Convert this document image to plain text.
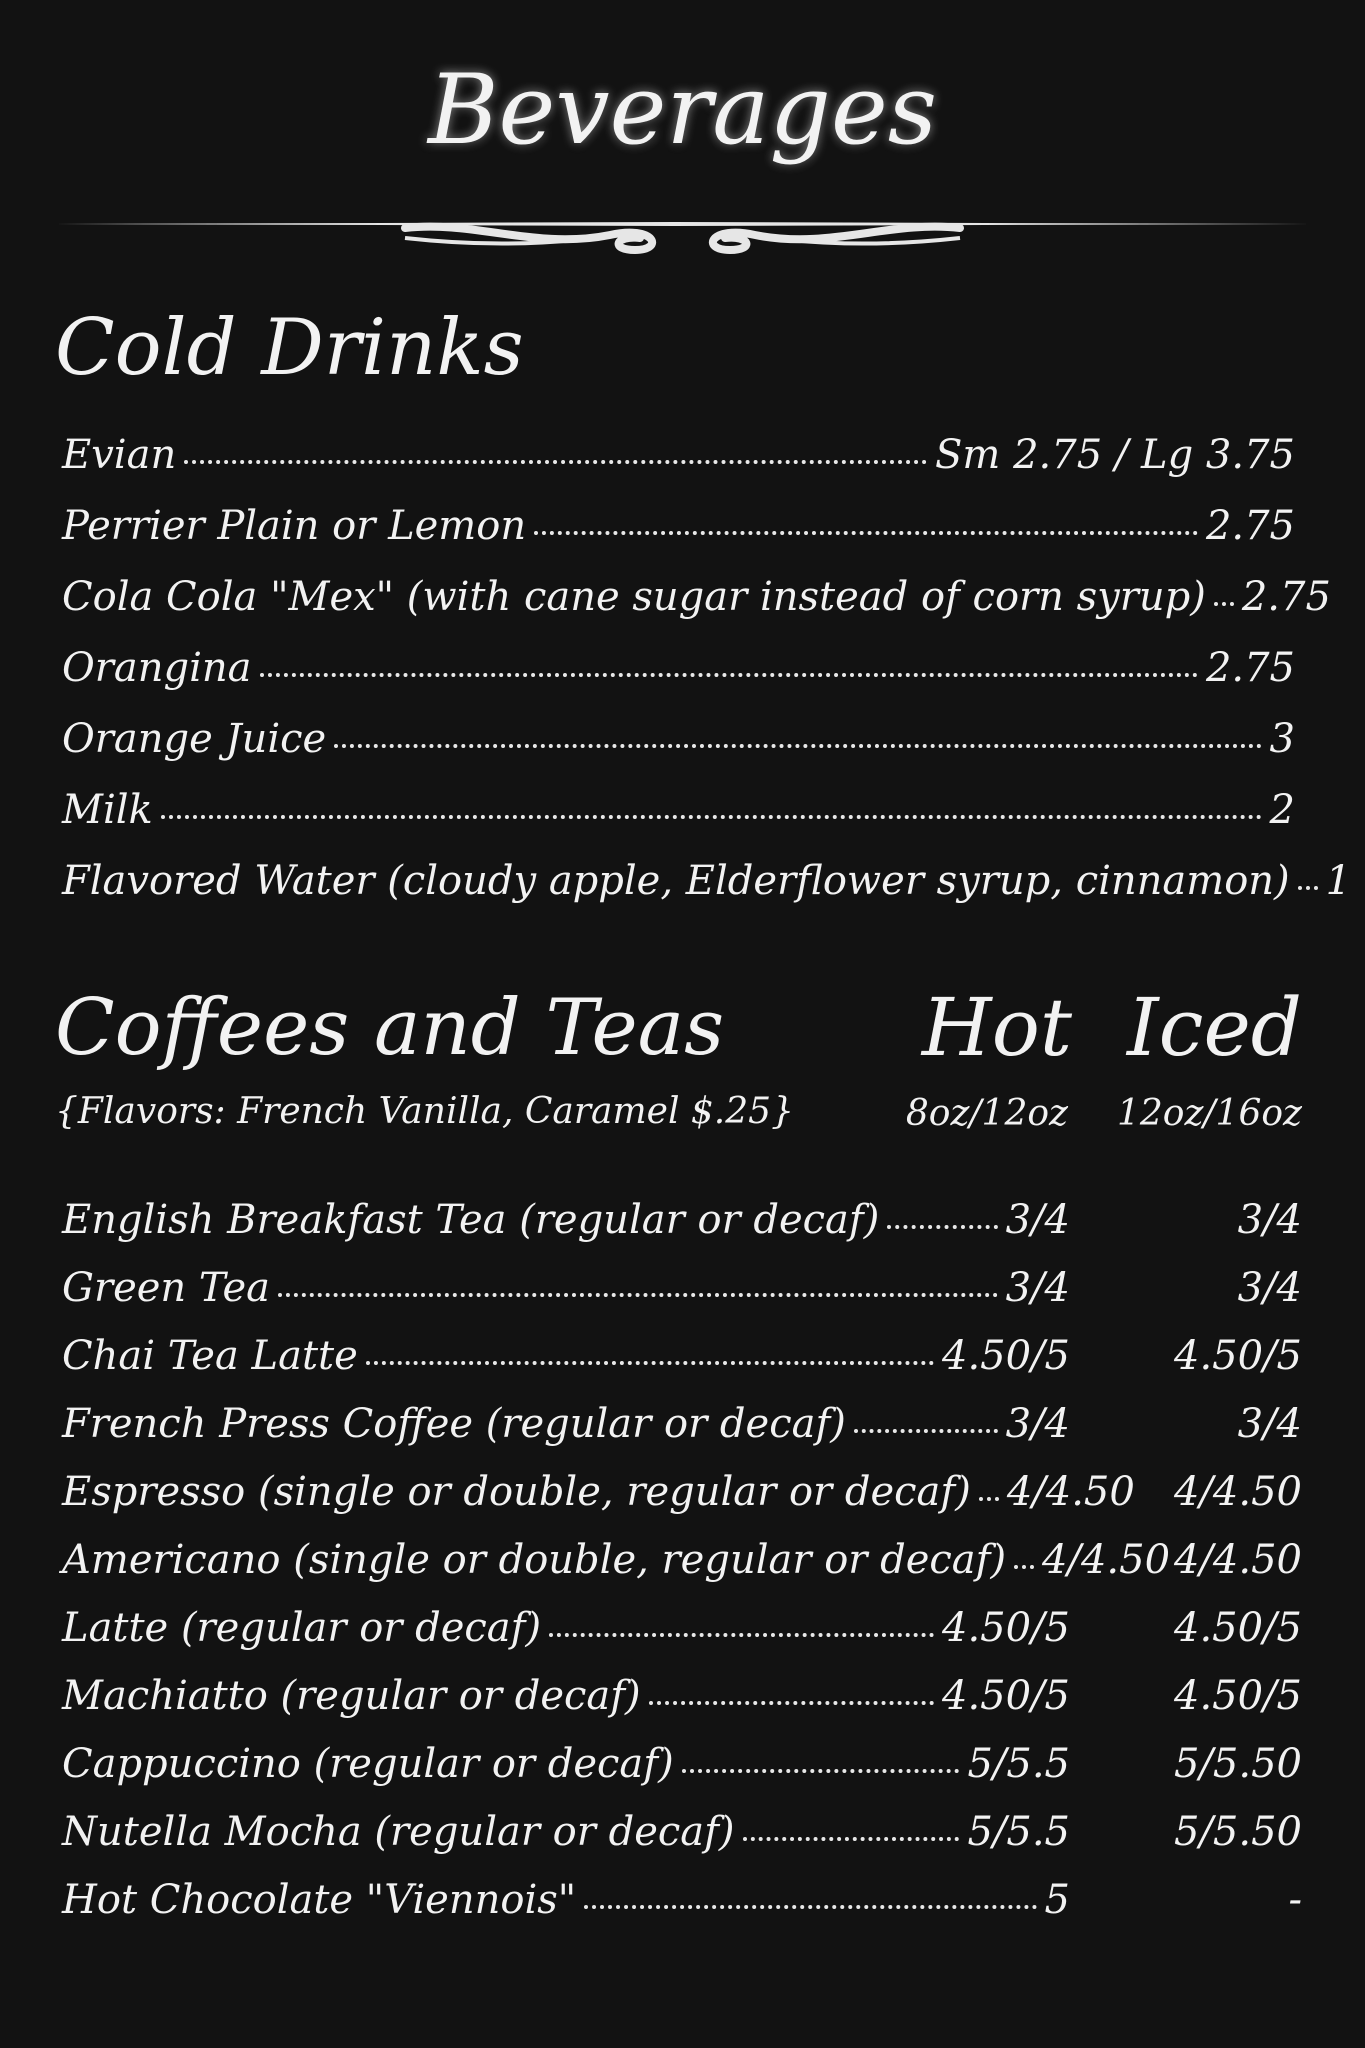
Beverages
Cold Drinks
Evian	Sm 2.75 / Lg 3.75
Perrier Plain or Lemon	2.75
Cola Cola "Mex" (with cane sugar instead of corn syrup) 2.75
Orangina	2.75
Orange Juice	3
Milk	2
Flavored Water (cloudy apple, Elderflower syrup, cinnamon) 1
Coffees and Teas
{Flavors: French Vanilla, Caramel $.25}
Hot
8oz/12oz
Iced
12oz/16oz
English Breakfast Tea (regular or decaf)	3/4	3/4
Green Tea	3/4	3/4
Chai Tea Latte	4.50/5	4.50/5
French Press Coffee (regular or decaf)	3/4	3/4
Espresso (single or double, regular or decaf) 4/4.50 4/4.50
Americano (single or double, regular or decaf) 4/4.50 4/4.50
Latte (regular or decaf)	4.50/5	4.50/5
Machiatto (regular or decaf)	4.50/5	4.50/5
Cappuccino (regular or decaf)	5/5.5	5/5.50
Nutella Mocha (regular or decaf)	5/5.5	5/5.50
Hot Chocolate "Viennois"	5	-
